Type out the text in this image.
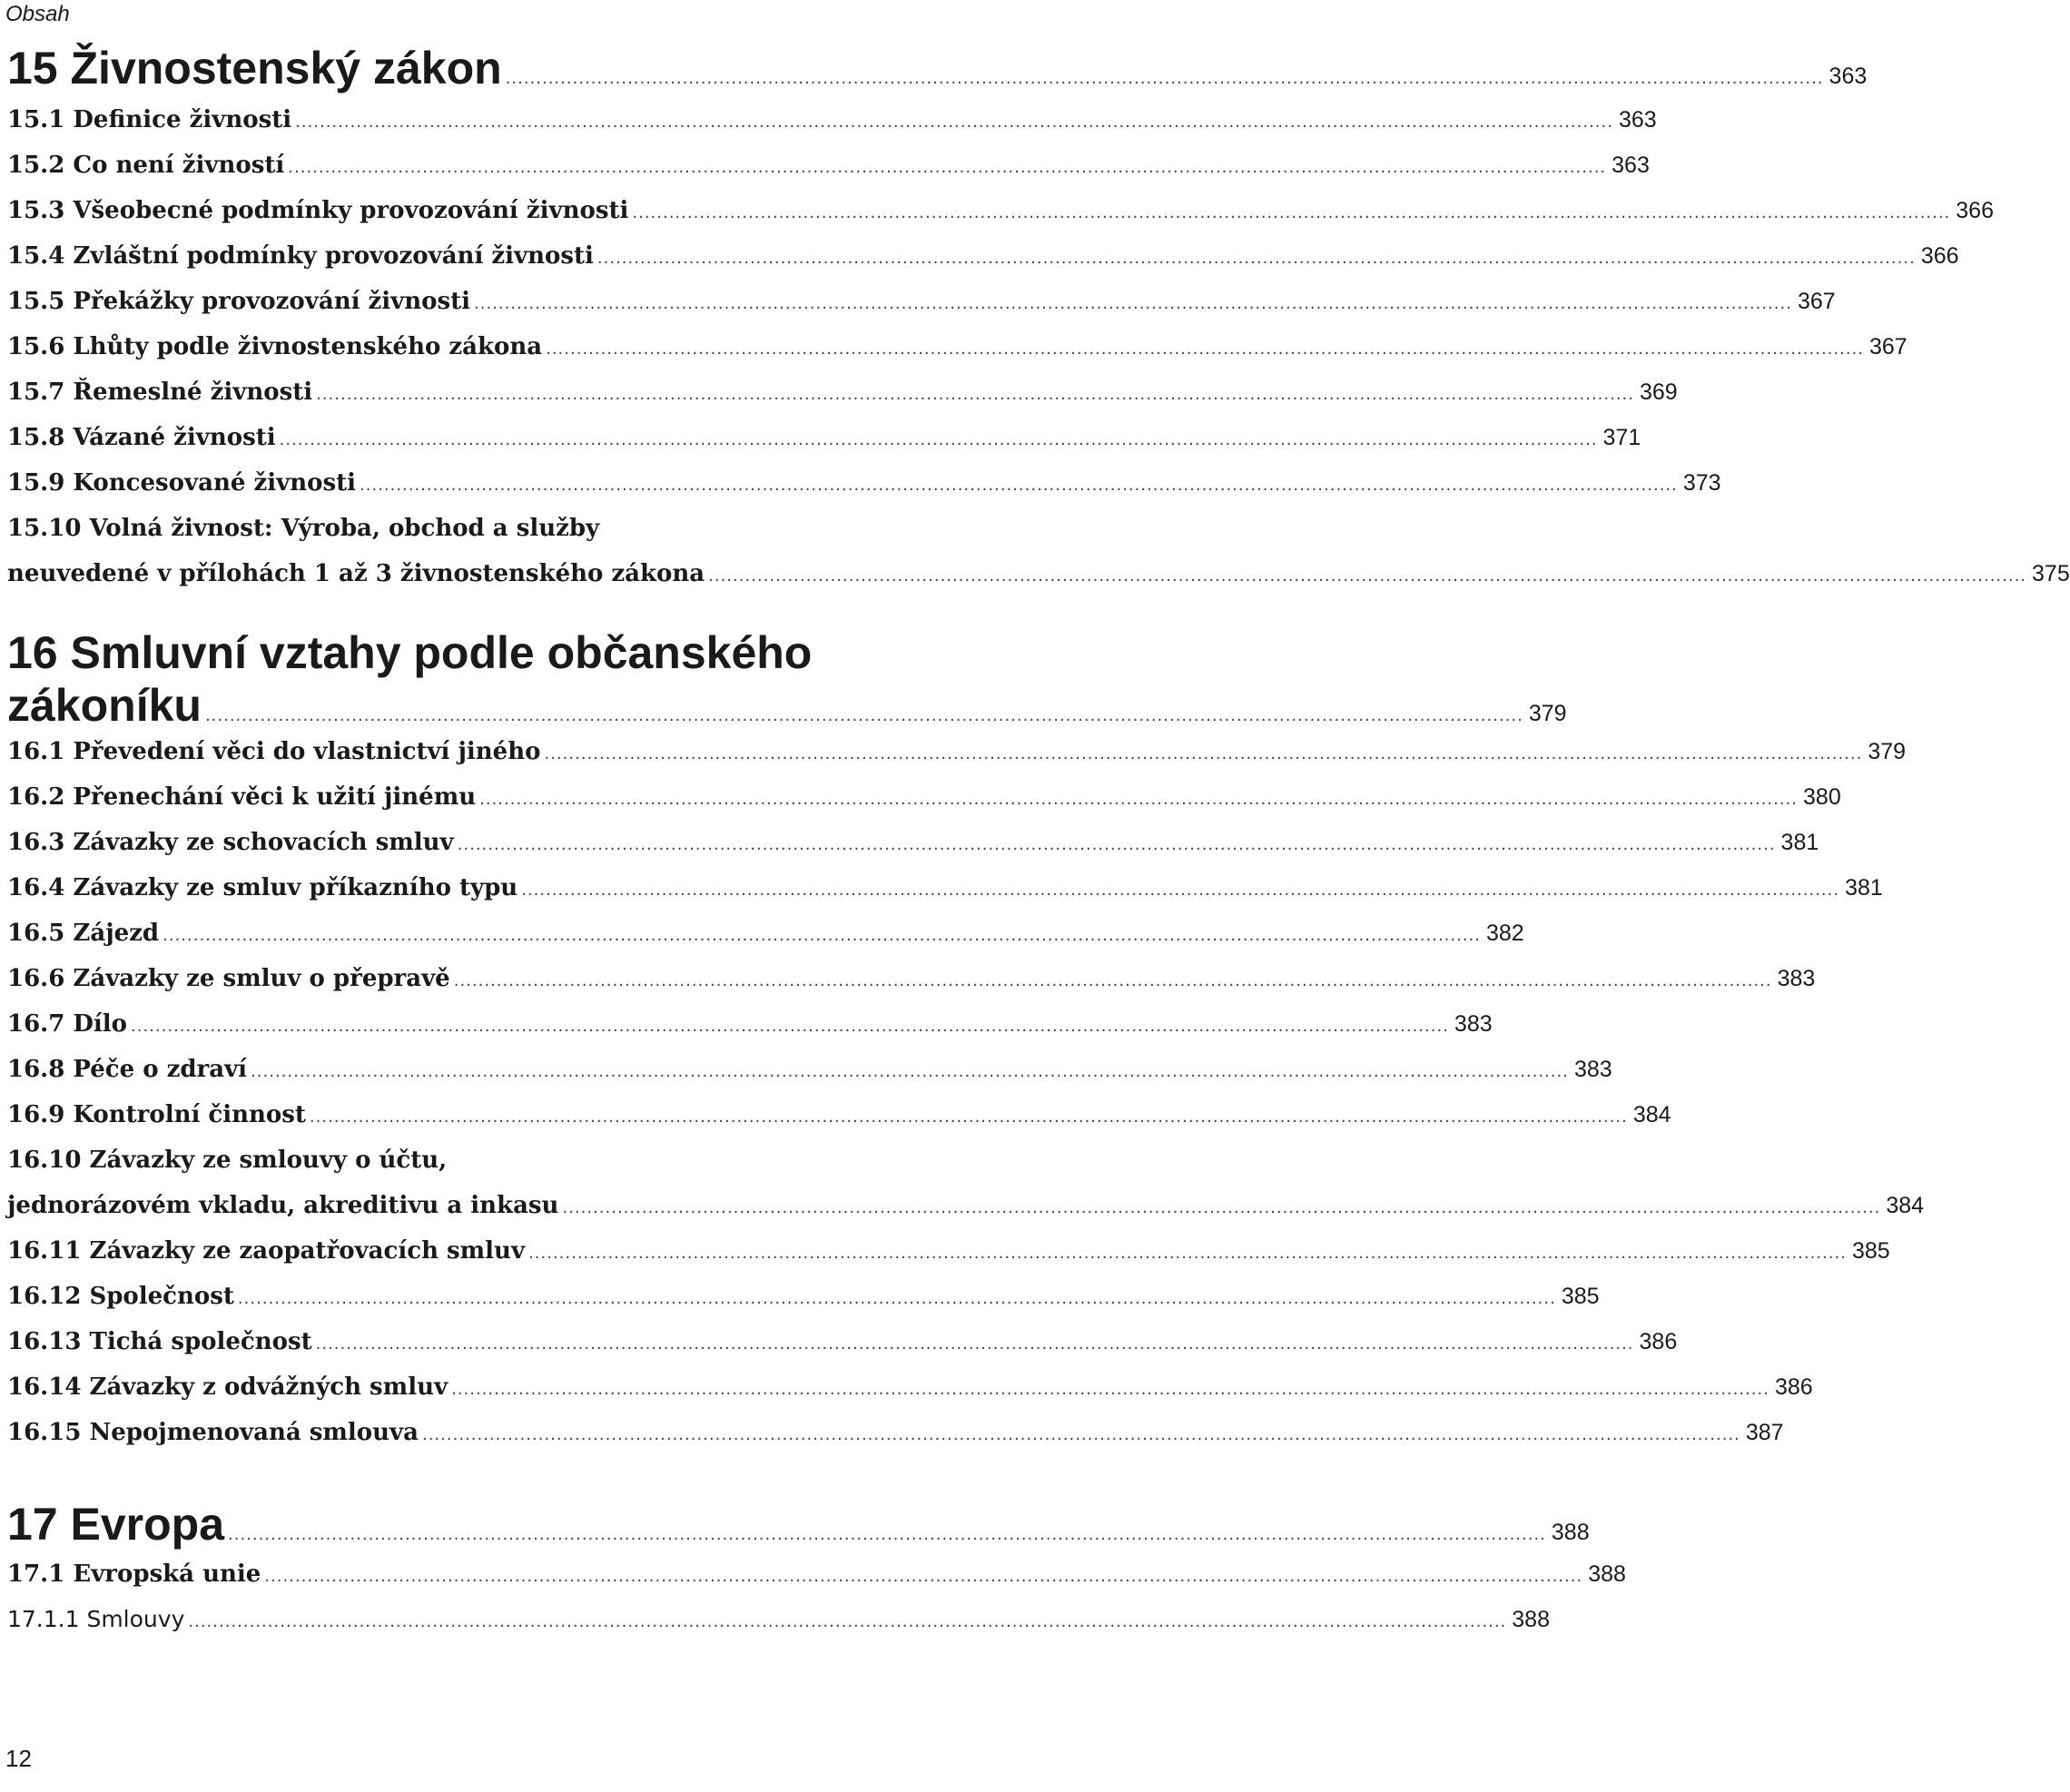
Obsah
15 Živnostenský zákon ........................................................................................................................................................................................................................ 363
15.1 Definice živnosti ........................................................................................................................................................................................................................ 363
15.2 Co není živností ........................................................................................................................................................................................................................ 363
15.3 Všeobecné podmínky provozování živnosti ........................................................................................................................................................................................................................ 366
15.4 Zvláštní podmínky provozování živnosti ........................................................................................................................................................................................................................ 366
15.5 Překážky provozování živnosti ........................................................................................................................................................................................................................ 367
15.6 Lhůty podle živnostenského zákona ........................................................................................................................................................................................................................ 367
15.7 Řemeslné živnosti ........................................................................................................................................................................................................................ 369
15.8 Vázané živnosti ........................................................................................................................................................................................................................ 371
15.9 Koncesované živnosti ........................................................................................................................................................................................................................ 373
15.10 Volná živnost: Výroba, obchod a služby
neuvedené v přílohách 1 až 3 živnostenského zákona ........................................................................................................................................................................................................................ 375
16 Smluvní vztahy podle občanského
zákoníku ........................................................................................................................................................................................................................ 379
16.1 Převedení věci do vlastnictví jiného ........................................................................................................................................................................................................................ 379
16.2 Přenechání věci k užití jinému ........................................................................................................................................................................................................................ 380
16.3 Závazky ze schovacích smluv ........................................................................................................................................................................................................................ 381
16.4 Závazky ze smluv příkazního typu ........................................................................................................................................................................................................................ 381
16.5 Zájezd ........................................................................................................................................................................................................................ 382
16.6 Závazky ze smluv o přepravě ........................................................................................................................................................................................................................ 383
16.7 Dílo ........................................................................................................................................................................................................................ 383
16.8 Péče o zdraví ........................................................................................................................................................................................................................ 383
16.9 Kontrolní činnost ........................................................................................................................................................................................................................ 384
16.10 Závazky ze smlouvy o účtu,
jednorázovém vkladu, akreditivu a inkasu ........................................................................................................................................................................................................................ 384
16.11 Závazky ze zaopatřovacích smluv ........................................................................................................................................................................................................................ 385
16.12 Společnost ........................................................................................................................................................................................................................ 385
16.13 Tichá společnost ........................................................................................................................................................................................................................ 386
16.14 Závazky z odvážných smluv ........................................................................................................................................................................................................................ 386
16.15 Nepojmenovaná smlouva ........................................................................................................................................................................................................................ 387
17 Evropa ........................................................................................................................................................................................................................ 388
17.1 Evropská unie ........................................................................................................................................................................................................................ 388
17.1.1 Smlouvy ........................................................................................................................................................................................................................ 388
12
